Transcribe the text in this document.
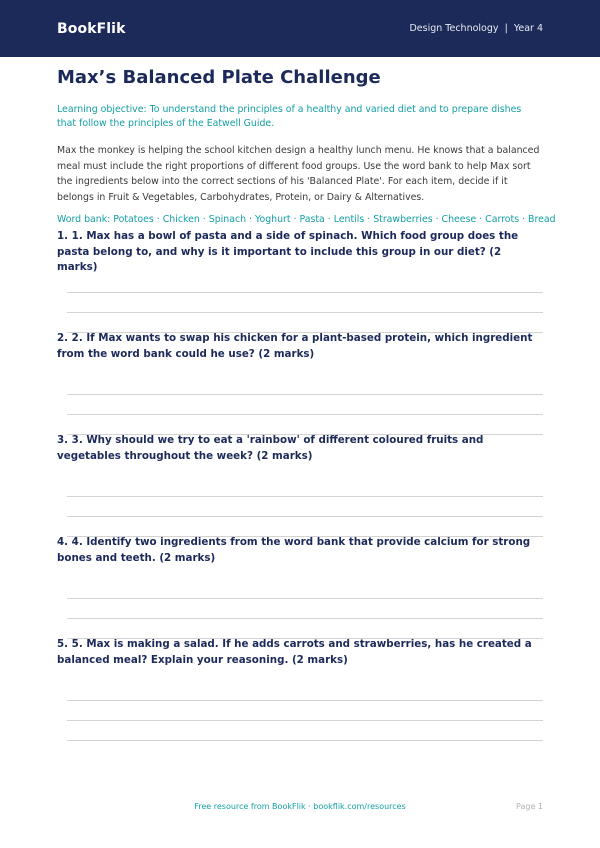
BookFlik	Design Technology | Year 4
Max’s Balanced Plate Challenge
Learning objective: To understand the principles of a healthy and varied diet and to prepare dishes that follow the principles of the Eatwell Guide.
Max the monkey is helping the school kitchen design a healthy lunch menu. He knows that a balanced meal must include the right proportions of different food groups. Use the word bank to help Max sort the ingredients below into the correct sections of his 'Balanced Plate'. For each item, decide if it belongs in Fruit & Vegetables, Carbohydrates, Protein, or Dairy & Alternatives.
Word bank: Potatoes · Chicken · Spinach · Yoghurt · Pasta · Lentils · Strawberries · Cheese · Carrots · Bread

1. 1. Max has a bowl of pasta and a side of spinach. Which food group does the pasta belong to, and why is it important to include this group in our diet? (2 marks)

2. 2. If Max wants to swap his chicken for a plant-based protein, which ingredient from the word bank could he use? (2 marks)

3. 3. Why should we try to eat a 'rainbow' of different coloured fruits and vegetables throughout the week? (2 marks)

4. 4. Identify two ingredients from the word bank that provide calcium for strong bones and teeth. (2 marks)

5. 5. Max is making a salad. If he adds carrots and strawberries, has he created a balanced meal? Explain your reasoning. (2 marks)

Free resource from BookFlik · bookflik.com/resources	Page 1
